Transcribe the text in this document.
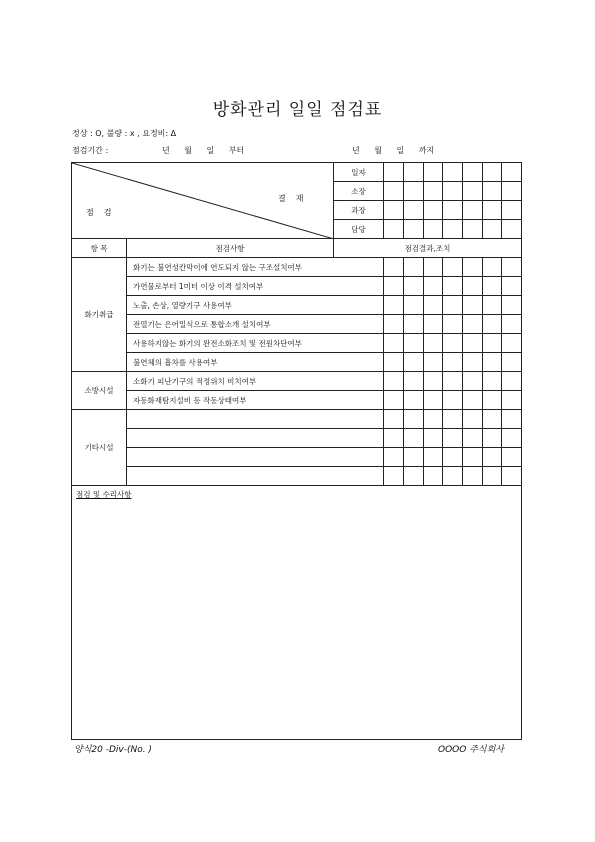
방화관리 일일 점검표
정상 : O, 불량 : x , 요정비: Δ
점검기간 :	년 월 일 부터	년 월 일 까지
점검
결재		일자							
		소장							
		과장							
		담당							
항 목	점검사항	점검결과,조치							
화기취급	화기는 불연성칸막이에 연도되지 않는 구조설치여부								
	가연물로부터 1미터 이상 이격 설치여부								
	노출, 손상, 열량기구 사용여부								
	전열기는 은어밀식으로 통합소개 설치여부								
	사용하지않는 화기의 완전소화조치 및 전원차단여부								
	불연체의 흡차를 사용여부								
소방시설	소화기 피난기구의 적정위치 비치여부								
	자동화재탐지설비 등 작동상태여부								
기타시설									

점검 및 수리사항									
양식20 -Div-(No. )	OOOO 주식회사
